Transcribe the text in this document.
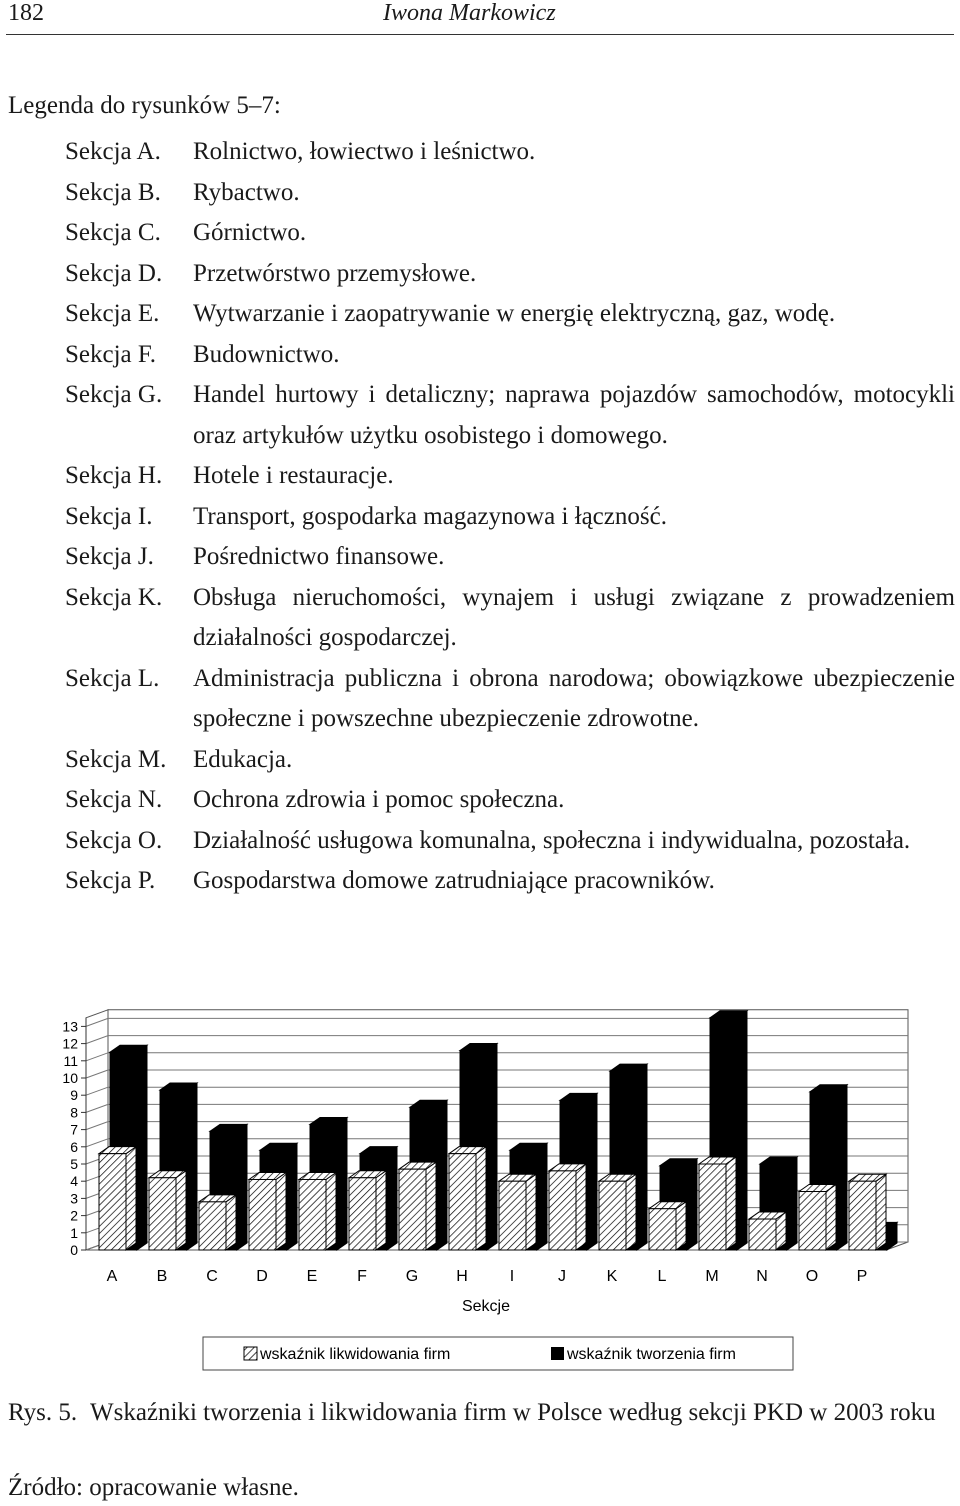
182	Iwona Markowicz
Legenda do rysunków 5–7:
Sekcja A.	Rolnictwo, łowiectwo i leśnictwo.
Sekcja B.	Rybactwo.
Sekcja C.	Górnictwo.
Sekcja D.	Przetwórstwo przemysłowe.
Sekcja E.	Wytwarzanie i zaopatrywanie w energię elektryczną, gaz, wodę.
Sekcja F.	Budownictwo.
Sekcja G.	Handel hurtowy i detaliczny; naprawa pojazdów samochodów, motocykli oraz artykułów użytku osobistego i domowego.
Sekcja H.	Hotele i restauracje.
Sekcja I.	Transport, gospodarka magazynowa i łączność.
Sekcja J.	Pośrednictwo finansowe.
Sekcja K.	Obsługa nieruchomości, wynajem i usługi związane z prowadzeniem działalności gospodarczej.
Sekcja L.	Administracja publiczna i obrona narodowa; obowiązkowe ubezpieczenie społeczne i powszechne ubezpieczenie zdrowotne.
Sekcja M.	Edukacja.
Sekcja N.	Ochrona zdrowia i pomoc społeczna.
Sekcja O.	Działalność usługowa komunalna, społeczna i indywidualna, pozostała.
Sekcja P.	Gospodarstwa domowe zatrudniające pracowników.
0
1
2
3
4
5
6
7
8
9
10
11
12
13
A B C D E F G H	I	J	K	L M N O P
Sekcje
wskaźnik likwidowania firm	wskaźnik tworzenia firm
Rys. 5. Wskaźniki tworzenia i likwidowania firm w Polsce według sekcji PKD w 2003 roku
Źródło: opracowanie własne.
